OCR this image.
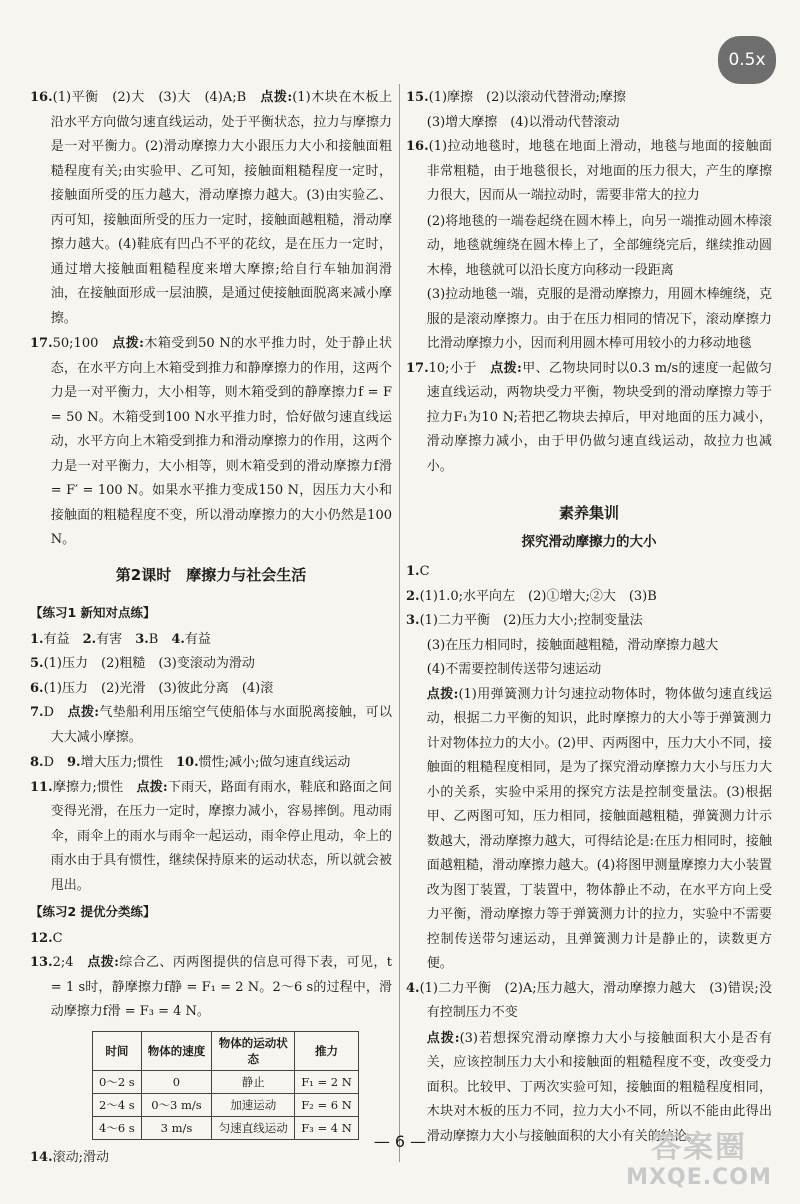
0.5x

16.(1)平衡　(2)大　(3)大　(4)A;B　点拨:(1)木块在木板上沿水平方向做匀速直线运动，处于平衡状态，拉力与摩擦力是一对平衡力。(2)滑动摩擦力大小跟压力大小和接触面粗糙程度有关;由实验甲、乙可知，接触面粗糙程度一定时，接触面所受的压力越大，滑动摩擦力越大。(3)由实验乙、丙可知，接触面所受的压力一定时，接触面越粗糙，滑动摩擦力越大。(4)鞋底有凹凸不平的花纹，是在压力一定时，通过增大接触面粗糙程度来增大摩擦;给自行车轴加润滑油，在接触面形成一层油膜，是通过使接触面脱离来减小摩擦。

17.50;100　点拨:木箱受到50 N的水平推力时，处于静止状态，在水平方向上木箱受到推力和静摩擦力的作用，这两个力是一对平衡力，大小相等，则木箱受到的静摩擦力f = F = 50 N。木箱受到100 N水平推力时，恰好做匀速直线运动，水平方向上木箱受到推力和滑动摩擦力的作用，这两个力是一对平衡力，大小相等，则木箱受到的滑动摩擦力f滑 = F′ = 100 N。如果水平推力变成150 N，因压力大小和接触面的粗糙程度不变，所以滑动摩擦力的大小仍然是100 N。

第2课时　摩擦力与社会生活
【练习1 新知对点练】

1.有益　2.有害　3.B　4.有益

5.(1)压力　(2)粗糙　(3)变滚动为滑动

6.(1)压力　(2)光滑　(3)彼此分离　(4)滚

7.D　点拨:气垫船利用压缩空气使船体与水面脱离接触，可以大大减小摩擦。

8.D　9.增大压力;惯性　10.惯性;减小;做匀速直线运动

11.摩擦力;惯性　点拨:下雨天，路面有雨水，鞋底和路面之间变得光滑，在压力一定时，摩擦力减小，容易摔倒。甩动雨伞，雨伞上的雨水与雨伞一起运动，雨伞停止甩动，伞上的雨水由于具有惯性，继续保持原来的运动状态，所以就会被甩出。

【练习2 提优分类练】

12.C

13.2;4　点拨:综合乙、丙两图提供的信息可得下表，可见，t = 1 s时，静摩擦力f静 = F₁ = 2 N。2～6 s的过程中，滑动摩擦力f滑 = F₃ = 4 N。

时间	物体的速度	物体的运动状态	推力
0～2 s	0	静止	F₁ = 2 N
2～4 s	0～3 m/s	加速运动	F₂ = 6 N
4～6 s	3 m/s	匀速直线运动	F₃ = 4 N

14.滚动;滑动

15.(1)摩擦　(2)以滚动代替滑动;摩擦

(3)增大摩擦　(4)以滑动代替滚动

16.(1)拉动地毯时，地毯在地面上滑动，地毯与地面的接触面非常粗糙，由于地毯很长，对地面的压力很大，产生的摩擦力很大，因而从一端拉动时，需要非常大的拉力

(2)将地毯的一端卷起绕在圆木棒上，向另一端推动圆木棒滚动，地毯就缠绕在圆木棒上了，全部缠绕完后，继续推动圆木棒，地毯就可以沿长度方向移动一段距离

(3)拉动地毯一端，克服的是滑动摩擦力，用圆木棒缠绕，克服的是滚动摩擦力。由于在压力相同的情况下，滚动摩擦力比滑动摩擦力小，因而利用圆木棒可用较小的力移动地毯

17.10;小于　点拨:甲、乙物块同时以0.3 m/s的速度一起做匀速直线运动，两物块受力平衡，物块受到的滑动摩擦力等于拉力F₁为10 N;若把乙物块去掉后，甲对地面的压力减小，滑动摩擦力减小，由于甲仍做匀速直线运动，故拉力也减小。

素养集训
探究滑动摩擦力的大小

1.C

2.(1)1.0;水平向左　(2)①增大;②大　(3)B

3.(1)二力平衡　(2)压力大小;控制变量法

(3)在压力相同时，接触面越粗糙，滑动摩擦力越大

(4)不需要控制传送带匀速运动

点拨:(1)用弹簧测力计匀速拉动物体时，物体做匀速直线运动，根据二力平衡的知识，此时摩擦力的大小等于弹簧测力计对物体拉力的大小。(2)甲、丙两图中，压力大小不同，接触面的粗糙程度相同，是为了探究滑动摩擦力大小与压力大小的关系，实验中采用的探究方法是控制变量法。(3)根据甲、乙两图可知，压力相同，接触面越粗糙，弹簧测力计示数越大，滑动摩擦力越大，可得结论是:在压力相同时，接触面越粗糙，滑动摩擦力越大。(4)将图甲测量摩擦力大小装置改为图丁装置，丁装置中，物体静止不动，在水平方向上受力平衡，滑动摩擦力等于弹簧测力计的拉力，实验中不需要控制传送带匀速运动，且弹簧测力计是静止的，读数更方便。

4.(1)二力平衡　(2)A;压力越大，滑动摩擦力越大　(3)错误;没有控制压力不变

点拨:(3)若想探究滑动摩擦力大小与接触面积大小是否有关，应该控制压力大小和接触面的粗糙程度不变，改变受力面积。比较甲、丁两次实验可知，接触面的粗糙程度相同，木块对木板的压力不同，拉力大小不同，所以不能由此得出滑动摩擦力大小与接触面积的大小有关的结论。

— 6 —	答案圈
MXQE.COM
